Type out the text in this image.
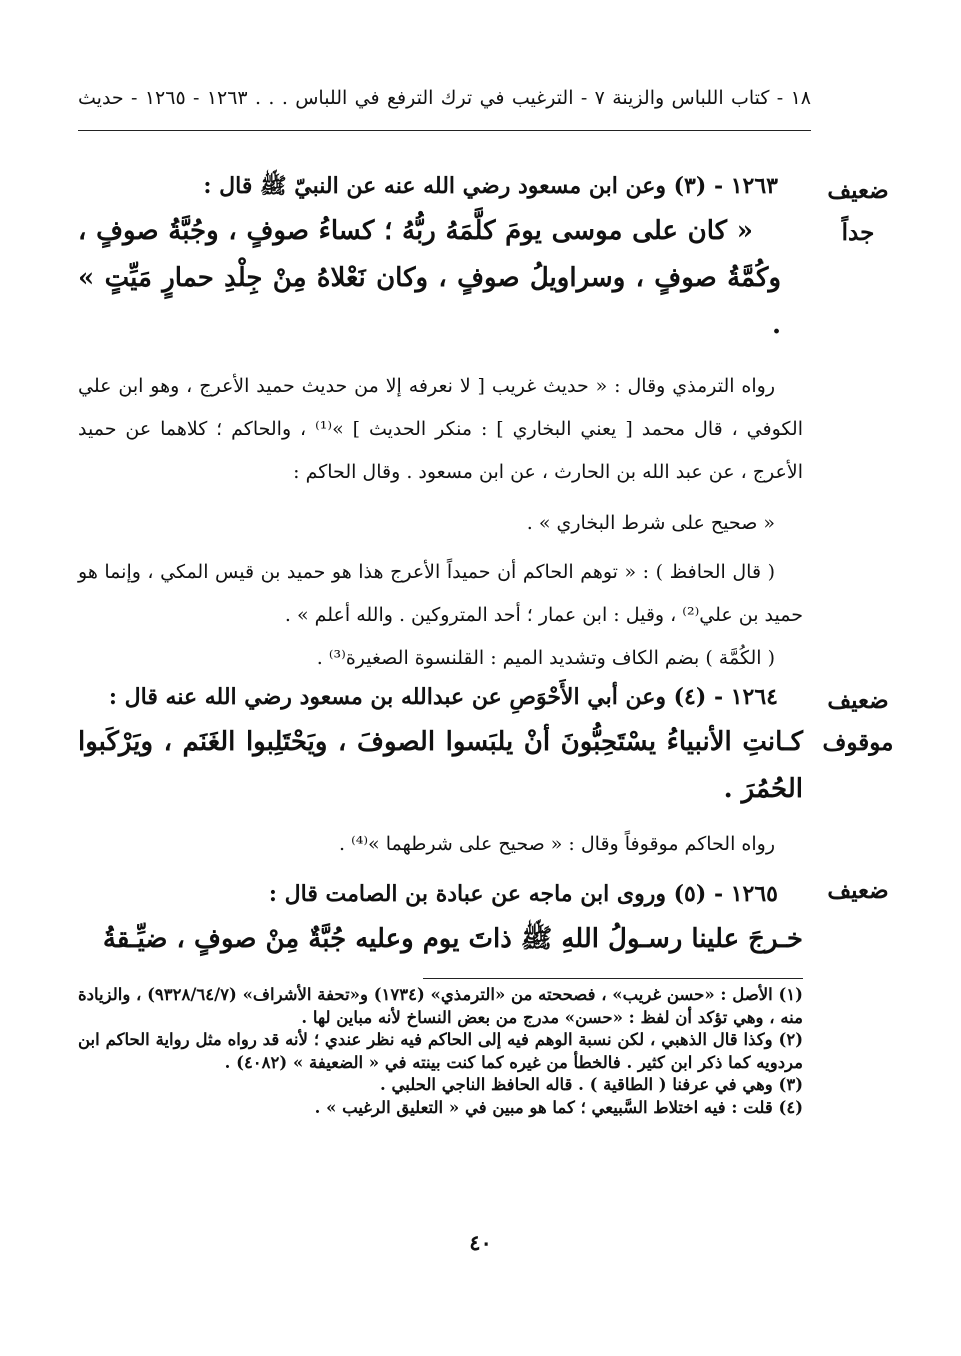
١٨ - كتاب اللباس والزينة ٧ - الترغيب في ترك الترفع في اللباس . . . ١٢٦٣ - ١٢٦٥ - حديث
ضعيف جداً

١٢٦٣ - (٣) وعن ابن مسعود رضي الله عنه عن النبيّ ﷺ قال :

« كان على موسى يومَ كلَّمَهُ ربُّهُ ؛ كساءُ صوفٍ ، وجُبَّةُ صوفٍ ، وكُمَّةُ صوفٍ ، وسراويلُ صوفٍ ، وكان نَعْلاهُ مِنْ جِلْدِ حمارٍ مَيِّتٍ » .

رواه الترمذي وقال : « حديث غريب [ لا نعرفه إلا من حديث حميد الأعرج ، وهو ابن علي الكوفي ، قال محمد [ يعني البخاري ] : منكر الحديث ] »⁽¹⁾ ، والحاكم ؛ كلاهما عن حميد الأعرج ، عن عبد الله بن الحارث ، عن ابن مسعود . وقال الحاكم :

« صحيح على شرط البخاري » .

( قال الحافظ ) : « توهم الحاكم أن حميداً الأعرج هذا هو حميد بن قيس المكي ، وإنما هو حميد بن علي⁽²⁾ ، وقيل : ابن عمار ؛ أحد المتروكين . والله أعلم » .

( الكُمَّة ) بضم الكاف وتشديد الميم : القلنسوة الصغيرة⁽³⁾ .

ضعيف موقوف

١٢٦٤ - (٤) وعن أبي الأَحْوَصِ عن عبدالله بن مسعود رضي الله عنه قال :

كـانتِ الأنبياءُ يسْتَحِبُّونَ أنْ يلبَسوا الصوفَ ، ويَحْتَلِبوا الغَنَم ، ويَرْكَبوا الحُمُرَ .

رواه الحاكم موقوفاً وقال : « صحيح على شرطهما »⁽⁴⁾ .

ضعيف

١٢٦٥ - (٥) وروى ابن ماجه عن عبادة بن الصامت قال :

خـرجَ علينا رسـولُ اللهِ ﷺ ذاتَ يوم وعليه جُبَّةٌ مِنْ صوفٍ ، ضيِّـقةُ

(١) الأصل : «حسن غريب» ، فصححته من «الترمذي» (١٧٣٤) و«تحفة الأشراف» (٩٣٢٨/٦٤/٧) ، والزيادة منه ، وهي تؤكد أن لفظ : «حسن» مدرج من بعض النساخ لأنه مباين لها .

(٢) وكذا قال الذهبي ، لكن نسبة الوهم فيه إلى الحاكم فيه نظر عندي ؛ لأنه قد رواه مثل رواية الحاكم ابن مردويه كما ذكر ابن كثير . فالخطأ من غيره كما كنت بينته في « الضعيفة » (٤٠٨٢) .

(٣) وهي في عرفنا ( الطاقية ) . قاله الحافظ الناجي الحلبي .

(٤) قلت : فيه اختلاط السَّبيعي ؛ كما هو مبين في « التعليق الرغيب » .

٤٠
